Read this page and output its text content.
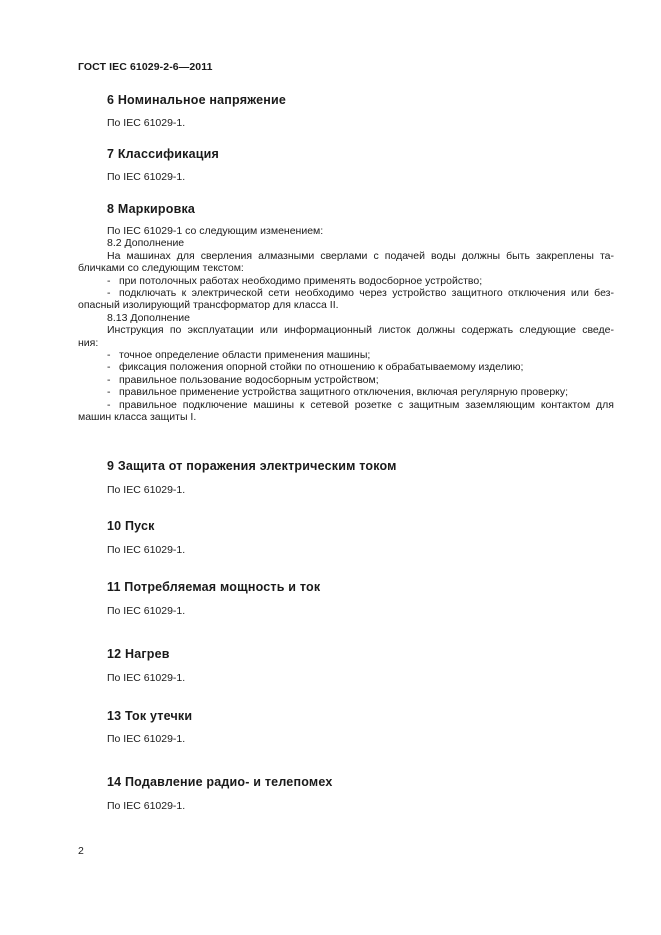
ГОСТ IEC 61029-2-6—2011
6 Номинальное напряжение
По IEC 61029-1.
7 Классификация
По IEC 61029-1.
8 Маркировка
По IEC 61029-1 со следующим изменением:
8.2 Дополнение
На машинах для сверления алмазными сверлами с подачей воды должны быть закреплены та-
бличками со следующим текстом:
- при потолочных работах необходимо применять водосборное устройство;
- подключать к электрической сети необходимо через устройство защитного отключения или без-
опасный изолирующий трансформатор для класса II.
8.13 Дополнение
Инструкция по эксплуатации или информационный листок должны содержать следующие сведе-
ния:
- точное определение области применения машины;
- фиксация положения опорной стойки по отношению к обрабатываемому изделию;
- правильное пользование водосборным устройством;
- правильное применение устройства защитного отключения, включая регулярную проверку;
- правильное подключение машины к сетевой розетке с защитным заземляющим контактом для
машин класса защиты I.
9 Защита от поражения электрическим током
По IEC 61029-1.
10 Пуск
По IEC 61029-1.
11 Потребляемая мощность и ток
По IEC 61029-1.
12 Нагрев
По IEC 61029-1.
13 Ток утечки
По IEC 61029-1.
14 Подавление радио- и телепомех
По IEC 61029-1.
2
